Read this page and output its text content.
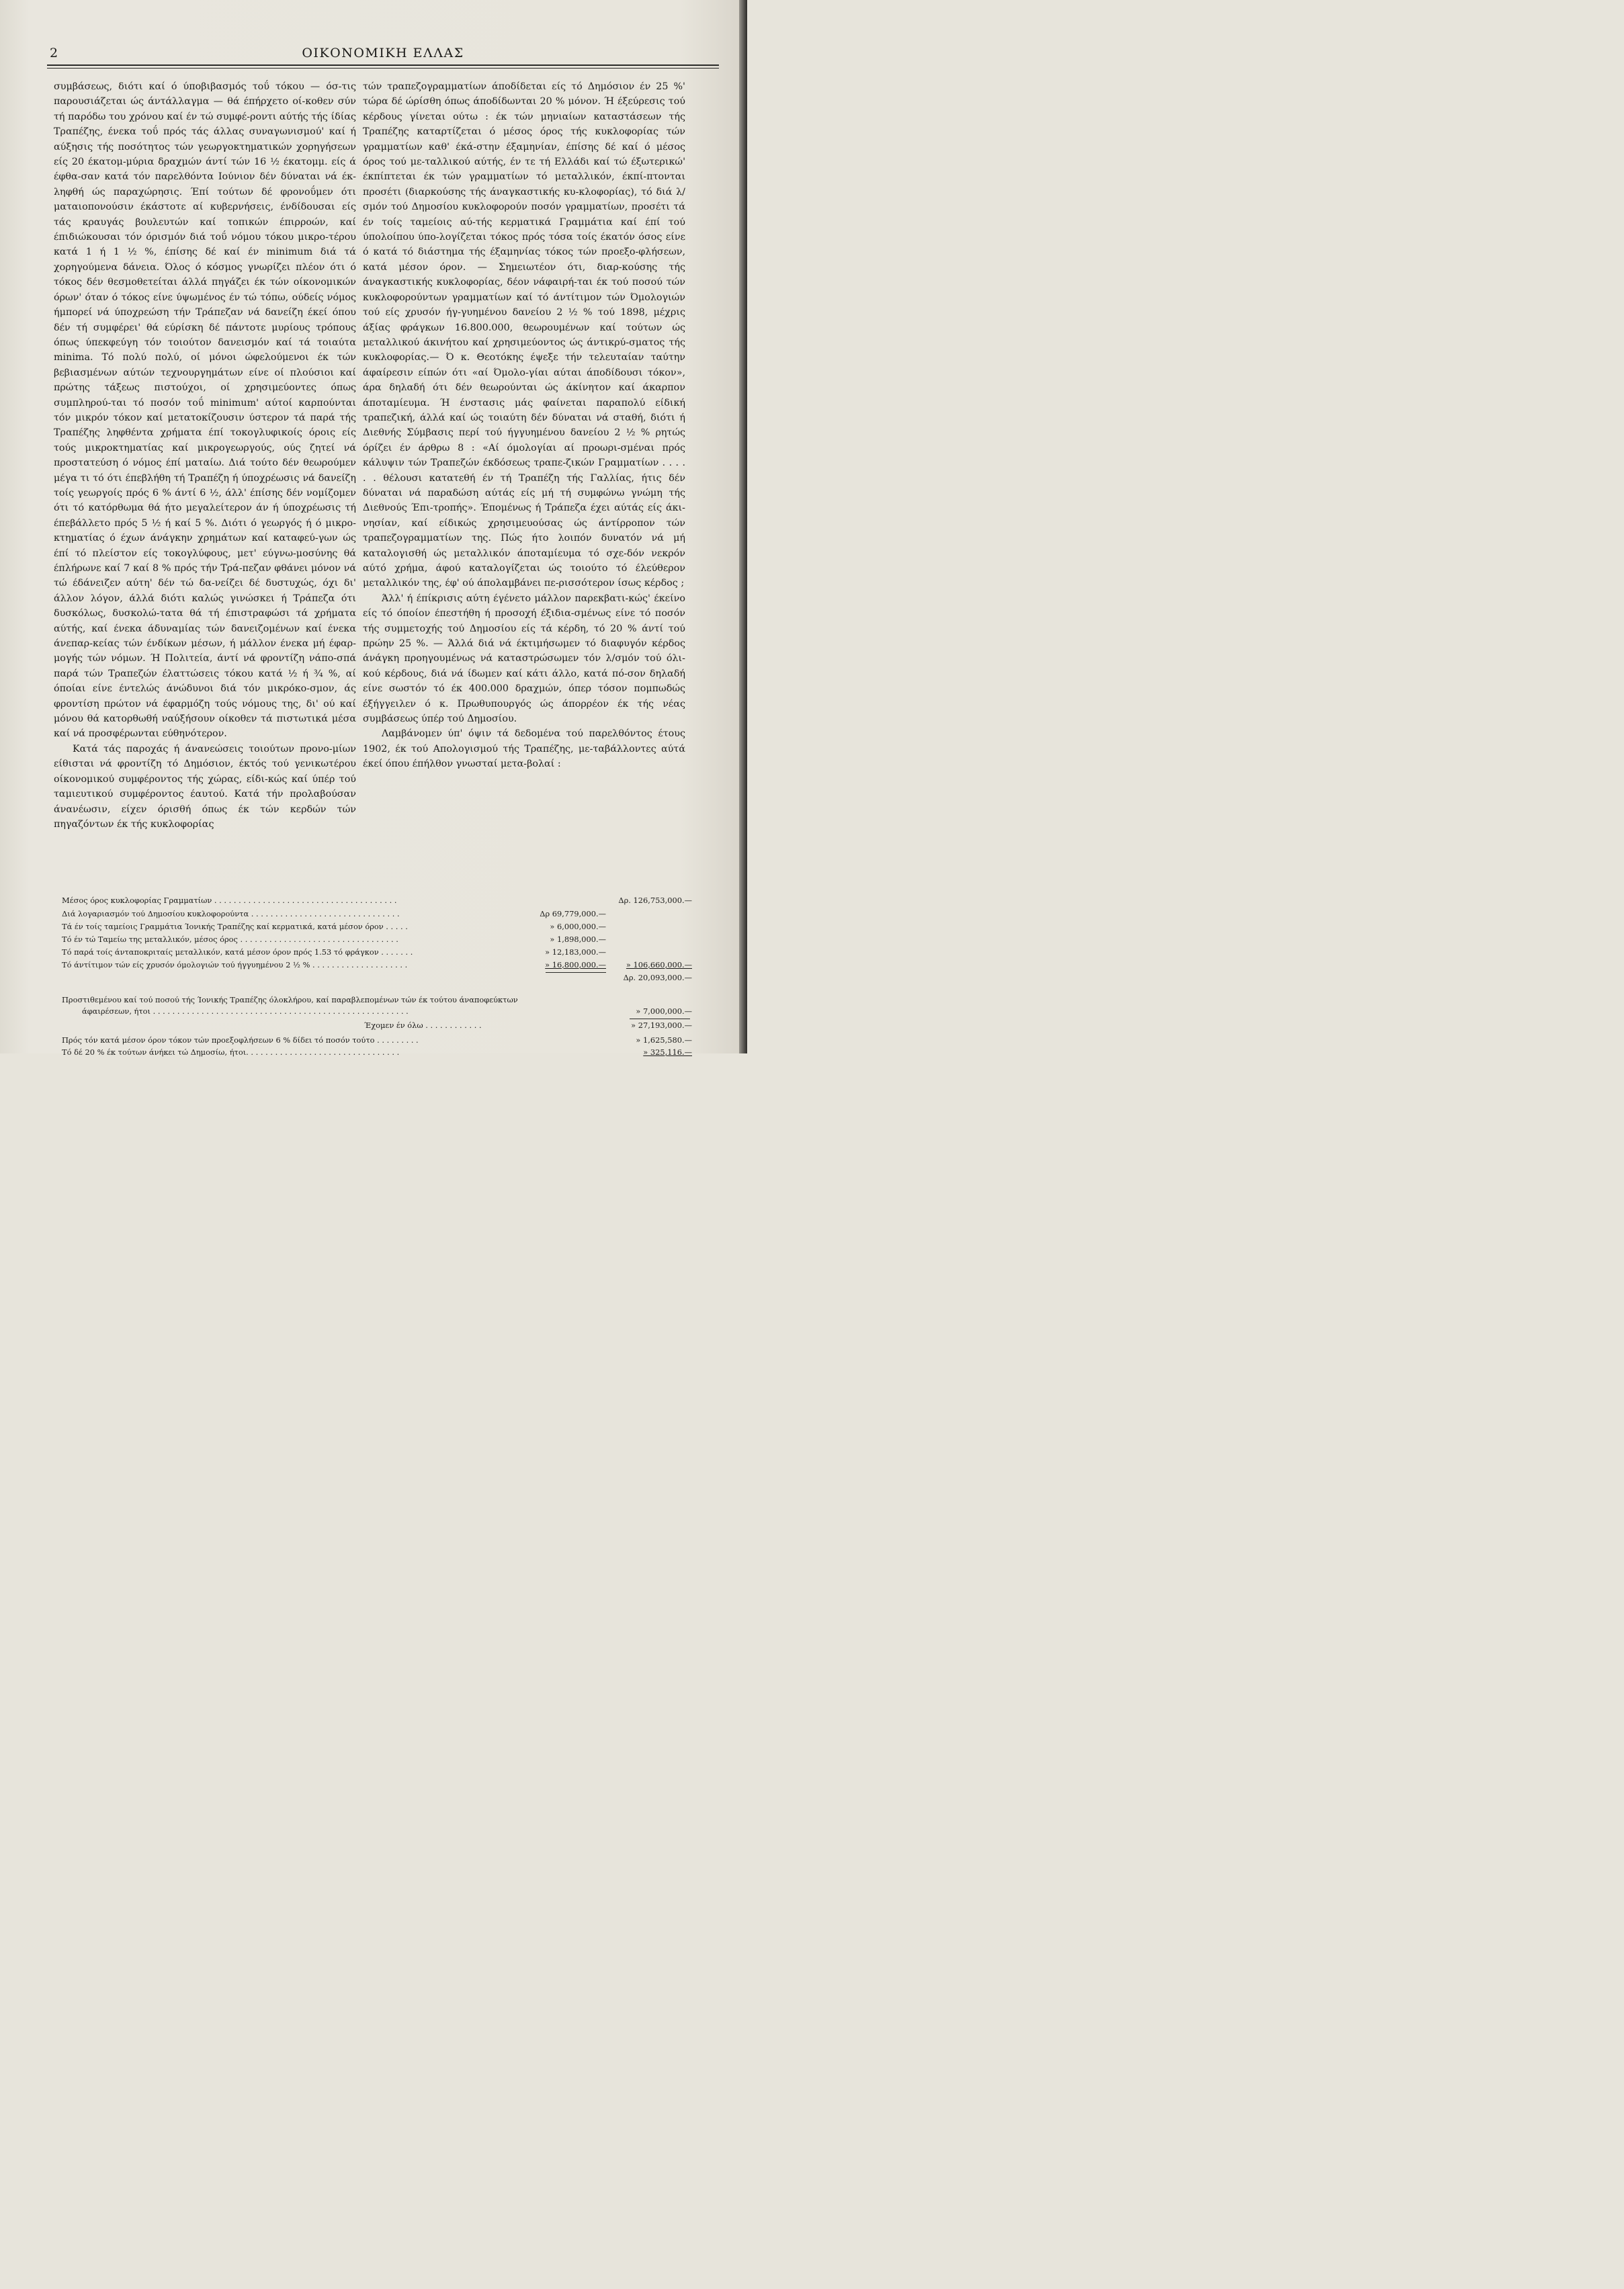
2	ΟΙΚΟΝΟΜΙΚΗ ΕΛΛΑΣ

συμβάσεως, διότι καί ό ύποβιβασμός τοΰ τόκου — όσ-τις παρουσιάζεται ώς άντάλλαγμα — θά έπήρχετο οί-κοθεν σύν τή παρόδω του χρόνου καί έν τώ συμφέ-ροντι αύτής τής ίδίας Τραπέζης, ένεκα τοΰ πρός τάς άλλας συναγωνισμού' καί ή αύξησις τής ποσότητος τών γεωργοκτηματικών χορηγήσεων είς 20 έκατομ-μύρια δραχμών άντί τών 16 ½ έκατομμ. είς ά έφθα-σαν κατά τόν παρελθόντα Ιούνιον δέν δύναται νά έκ-ληφθή ώς παραχώρησις. Έπί τούτων δέ φρονοΰμεν ότι ματαιοπονούσιν έκάστοτε αί κυβερνήσεις, ένδίδουσαι είς τάς κραυγάς βουλευτών καί τοπικών έπιρροών, καί έπιδιώκουσαι τόν όρισμόν διά τοΰ νόμου τόκου μικρο-τέρου κατά 1 ή 1 ½ %, έπίσης δέ καί έν minimum διά τά χορηγούμενα δάνεια. Όλος ό κόσμος γνωρίζει πλέον ότι ό τόκος δέν θεσμοθετείται άλλά πηγάζει έκ τών οίκονομικών όρων' όταν ό τόκος είνε ύψωμένος έν τώ τόπω, ούδείς νόμος ήμπορεί νά ύποχρεώση τήν Τράπεζαν νά δανείζη έκεί όπου δέν τή συμφέρει' θά εύρίσκη δέ πάντοτε μυρίους τρόπους όπως ύπεκφεύγη τόν τοιούτον δανεισμόν καί τά τοιαύτα minima. Τό πολύ πολύ, οί μόνοι ώφελούμενοι έκ τών βεβιασμένων αύτών τεχνουργημάτων είνε οί πλούσιοι καί πρώτης τάξεως πιστούχοι, οί χρησιμεύοντες όπως συμπληρού-ται τό ποσόν τοΰ minimum' αύτοί καρπούνται τόν μικρόν τόκον καί μετατοκίζουσιν ύστερον τά παρά τής Τραπέζης ληφθέντα χρήματα έπί τοκογλυφικοίς όροις είς τούς μικροκτηματίας καί μικρογεωργούς, ούς ζητεί νά προστατεύση ό νόμος έπί ματαίω. Διά τούτο δέν θεωρούμεν μέγα τι τό ότι έπεβλήθη τή Τραπέζη ή ύποχρέωσις νά δανείζη τοίς γεωργοίς πρός 6 % άντί 6 ½, άλλ' έπίσης δέν νομίζομεν ότι τό κατόρθωμα θά ήτο μεγαλείτερον άν ή ύποχρέωσις τή έπεβάλλετο πρός 5 ½ ή καί 5 %. Διότι ό γεωργός ή ό μικρο-κτηματίας ό έχων άνάγκην χρημάτων καί καταφεύ-γων ώς έπί τό πλείστον είς τοκογλύφους, μετ' εύγνω-μοσύνης θά έπλήρωνε καί 7 καί 8 % πρός τήν Τρά-πεζαν φθάνει μόνον νά τώ έδάνειζεν αύτη' δέν τώ δα-νείζει δέ δυστυχώς, όχι δι' άλλον λόγον, άλλά διότι καλώς γινώσκει ή Τράπεζα ότι δυσκόλως, δυσκολώ-τατα θά τή έπιστραφώσι τά χρήματα αύτής, καί ένεκα άδυναμίας τών δανειζομένων καί ένεκα άνεπαρ-κείας τών ένδίκων μέσων, ή μάλλον ένεκα μή έφαρ-μογής τών νόμων. Ή Πολιτεία, άντί νά φροντίζη νάπο-σπά παρά τών Τραπεζών έλαττώσεις τόκου κατά ½ ή ¾ %, αί όποίαι είνε έντελώς άνώδυνοι διά τόν μικρόκο-σμον, άς φροντίση πρώτον νά έφαρμόζη τούς νόμους της, δι' ού καί μόνου θά κατορθωθή ναύξήσουν οίκοθεν τά πιστωτικά μέσα καί νά προσφέρωνται εύθηνότερον.

Κατά τάς παροχάς ή άνανεώσεις τοιούτων προνο-μίων είθισται νά φροντίζη τό Δημόσιον, έκτός τού γενικωτέρου οίκονομικού συμφέροντος τής χώρας, είδι-κώς καί ύπέρ τού ταμιευτικού συμφέροντος έαυτού. Κατά τήν προλαβούσαν άνανέωσιν, είχεν όρισθή όπως έκ τών κερδών τών πηγαζόντων έκ τής κυκλοφορίας

τών τραπεζογραμματίων άποδίδεται είς τό Δημόσιον έν 25 %' τώρα δέ ώρίσθη όπως άποδίδωνται 20 % μόνον. Ή έξεύρεσις τού κέρδους γίνεται ούτω : έκ τών μηνιαίων καταστάσεων τής Τραπέζης καταρτίζεται ό μέσος όρος τής κυκλοφορίας τών γραμματίων καθ' έκά-στην έξαμηνίαν, έπίσης δέ καί ό μέσος όρος τού με-ταλλικού αύτής, έν τε τή Ελλάδι καί τώ έξωτερικώ' έκπίπτεται έκ τών γραμματίων τό μεταλλικόν, έκπί-πτονται προσέτι (διαρκούσης τής άναγκαστικής κυ-κλοφορίας), τό διά λ/σμόν τού Δημοσίου κυκλοφορούν ποσόν γραμματίων, προσέτι τά έν τοίς ταμείοις αύ-τής κερματικά Γραμμάτια καί έπί τού ύπολοίπου ύπο-λογίζεται τόκος πρός τόσα τοίς έκατόν όσος είνε ό κατά τό διάστημα τής έξαμηνίας τόκος τών προεξο-φλήσεων, κατά μέσον όρον. — Σημειωτέον ότι, διαρ-κούσης τής άναγκαστικής κυκλοφορίας, δέον νάφαιρή-ται έκ τού ποσού τών κυκλοφορούντων γραμματίων καί τό άντίτιμον τών Όμολογιών τού είς χρυσόν ήγ-γυημένου δανείου 2 ½ % τού 1898, μέχρις άξίας φράγκων 16.800.000, θεωρουμένων καί τούτων ώς μεταλλικού άκινήτου καί χρησιμεύοντος ώς άντικρύ-σματος τής κυκλοφορίας.— Ό κ. Θεοτόκης έψεξε τήν τελευταίαν ταύτην άφαίρεσιν είπών ότι «αί Όμολο-γίαι αύται άποδίδουσι τόκον», άρα δηλαδή ότι δέν θεωρούνται ώς άκίνητον καί άκαρπον άποταμίευμα. Ή ένστασις μάς φαίνεται παραπολύ είδική τραπεζική, άλλά καί ώς τοιαύτη δέν δύναται νά σταθή, διότι ή Διεθνής Σύμβασις περί τού ήγγυημένου δανείου 2 ½ % ρητώς όρίζει έν άρθρω 8 : «Αί όμολογίαι αί προωρι-σμέναι πρός κάλυψιν τών Τραπεζών έκδόσεως τραπε-ζικών Γραμματίων . . . . . . θέλουσι κατατεθή έν τή Τραπέζη τής Γαλλίας, ήτις δέν δύναται νά παραδώση αύτάς είς μή τή συμφώνω γνώμη τής Διεθνούς Έπι-τροπής». Έπομένως ή Τράπεζα έχει αύτάς είς άκι-νησίαν, καί είδικώς χρησιμευούσας ώς άντίρροπον τών τραπεζογραμματίων της. Πώς ήτο λοιπόν δυνατόν νά μή καταλογισθή ώς μεταλλικόν άποταμίευμα τό σχε-δόν νεκρόν αύτό χρήμα, άφού καταλογίζεται ώς τοιούτο τό έλεύθερον μεταλλικόν της, έφ' ού άπολαμβάνει πε-ρισσότερον ίσως κέρδος ;

Άλλ' ή έπίκρισις αύτη έγένετο μάλλον παρεκβατι-κώς' έκείνο είς τό όποίον έπεστήθη ή προσοχή έξιδια-σμένως είνε τό ποσόν τής συμμετοχής τού Δημοσίου είς τά κέρδη, τό 20 % άντί τού πρώην 25 %. — Άλλά διά νά έκτιμήσωμεν τό διαφυγόν κέρδος άνάγκη προηγουμένως νά καταστρώσωμεν τόν λ/σμόν τού όλι-κού κέρδους, διά νά ίδωμεν καί κάτι άλλο, κατά πό-σον δηλαδή είνε σωστόν τό έκ 400.000 δραχμών, όπερ τόσον πομπωδώς έξήγγειλεν ό κ. Πρωθυπουργός ώς άπορρέον έκ τής νέας συμβάσεως ύπέρ τού Δημοσίου.

Λαμβάνομεν ύπ' όψιν τά δεδομένα τού παρελθόντος έτους 1902, έκ τού Απολογισμού τής Τραπέζης, με-ταβάλλοντες αύτά έκεί όπου έπήλθον γνωσταί μετα-βολαί :

Μέσος όρος κυκλοφορίας Γραμματίων . . . . . . . . . . . . . . . . . . . . . . . . . . . . . . . . . . . . . .	Δρ. 126,753,000.—
Διά λογαριασμόν τού Δημοσίου κυκλοφορούντα . . . . . . . . . . . . . . . . . . . . . . . . . . . . . . .	Δρ 69,779,000.—
Τά έν τοίς ταμείοις Γραμμάτια Ίονικής Τραπέζης καί κερματικά, κατά μέσον όρον . . . . .	» 6,000,000.—
Τό έν τώ Ταμείω της μεταλλικόν, μέσος όρος . . . . . . . . . . . . . . . . . . . . . . . . . . . . . . . . .	» 1,898,000.—
Τό παρά τοίς άνταποκριταίς μεταλλικόν, κατά μέσον όρον πρός 1.53 τό φράγκον . . . . . . .	» 12,183,000.—
Τό άντίτιμον τών είς χρυσόν όμολογιών τού ήγγυημένου 2 ½ % . . . . . . . . . . . . . . . . . . . .	» 16,800,000.—	» 106,660,000.—
Δρ. 20,093,000.—
Προστιθεμένου καί τού ποσού τής Ίονικής Τραπέζης όλοκλήρου, καί παραβλεπομένων τών έκ τούτου άναποφεύκτων
άφαιρέσεων, ήτοι . . . . . . . . . . . . . . . . . . . . . . . . . . . . . . . . . . . . . . . . . . . . . . . . . . . . .	» 7,000,000.—
Έχομεν έν όλω . . . . . . . . . . . .	» 27,193,000.—
Πρός τόν κατά μέσον όρον τόκον τών προεξοφλήσεων 6 % δίδει τό ποσόν τούτο . . . . . . . . .	» 1,625,580.—
Τό δέ 20 % έκ τούτων άνήκει τώ Δημοσίω, ήτοι. . . . . . . . . . . . . . . . . . . . . . . . . . . . . . . .	» 325,116.—
